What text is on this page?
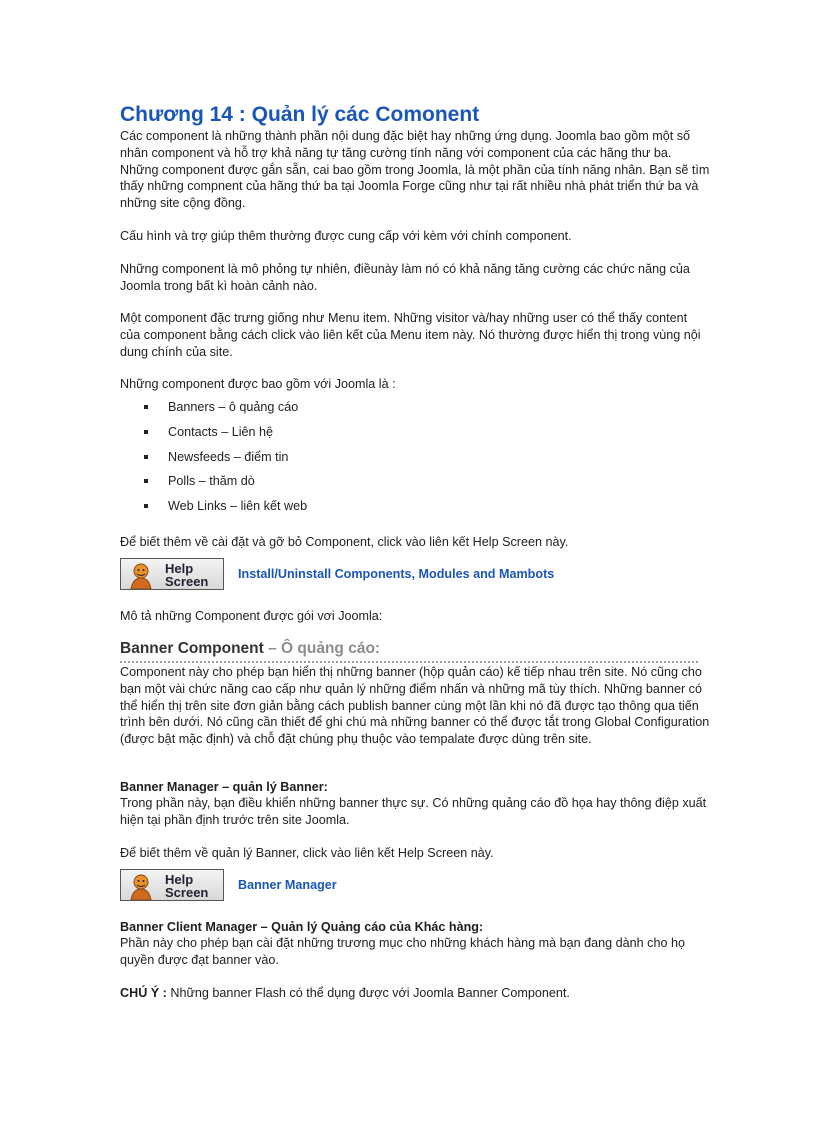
Chương 14 : Quản lý các Comonent
Các component là những thành phần nội dung đặc biệt hay những ứng dụng. Joomla bao gồm một số nhân component và hỗ trợ khả năng tự tăng cường tính năng với component của các hãng thư ba. Những component được gắn sẵn, cai bao gồm trong Joomla, là một phần của tính năng nhân. Bạn sẽ tìm thấy những compnent của hãng thứ ba tại Joomla Forge cũng như tại rất nhiều nhà phát triển thứ ba và những site cộng đồng.
Cấu hình và trợ giúp thêm thường được cung cấp với kèm với chính component.
Những component là mô phỏng tự nhiên, điềunày làm nó có khả năng tăng cường các chức năng của Joomla trong bất kì hoàn cảnh nào.
Một component đặc trưng giống như Menu item. Những visitor và/hay những user có thể thấy content của component bằng cách click vào liên kết của Menu item này. Nó thường được hiển thị trong vùng nội dung chính của site.
Những component được bao gồm với Joomla là :
Banners – ô quảng cáo
Contacts – Liên hệ
Newsfeeds – điểm tin
Polls – thăm dò
Web Links – liên kết web
Để biết thêm về cài đặt và gỡ bỏ Component, click vào liên kết Help Screen này.
Help
Screen Install/Uninstall Components, Modules and Mambots
Mô tả những Component được gói vơi Joomla:
Banner Component – Ô quảng cáo:
Component này cho phép bạn hiển thị những banner (hộp quản cáo) kế tiếp nhau trên site. Nó cũng cho bạn một vài chức năng cao cấp như quản lý những điểm nhấn và những mã tùy thích. Những banner có thể hiển thị trên site đơn giản bằng cách publish banner cùng một lần khi nó đã được tạo thông qua tiến trình bên dưới. Nó cũng cần thiết để ghi chú mà những banner có thể được tắt trong Global Configuration (được bật mặc định) và chỗ đặt chúng phụ thuộc vào tempalate được dùng trên site.
Banner Manager – quản lý Banner:
Trong phần này, bạn điều khiển những banner thực sự. Có những quảng cáo đồ họa hay thông điệp xuất hiện tại phần định trước trên site Joomla.
Để biết thêm về quản lý Banner, click vào liên kết Help Screen này.
Help
Screen Banner Manager
Banner Client Manager – Quản lý Quảng cáo của Khác hàng:
Phần này cho phép bạn cài đặt những trương mục cho những khách hàng mà bạn đang dành cho họ quyền được đạt banner vào.
CHÚ Ý : Những banner Flash có thể dụng được với Joomla Banner Component.
